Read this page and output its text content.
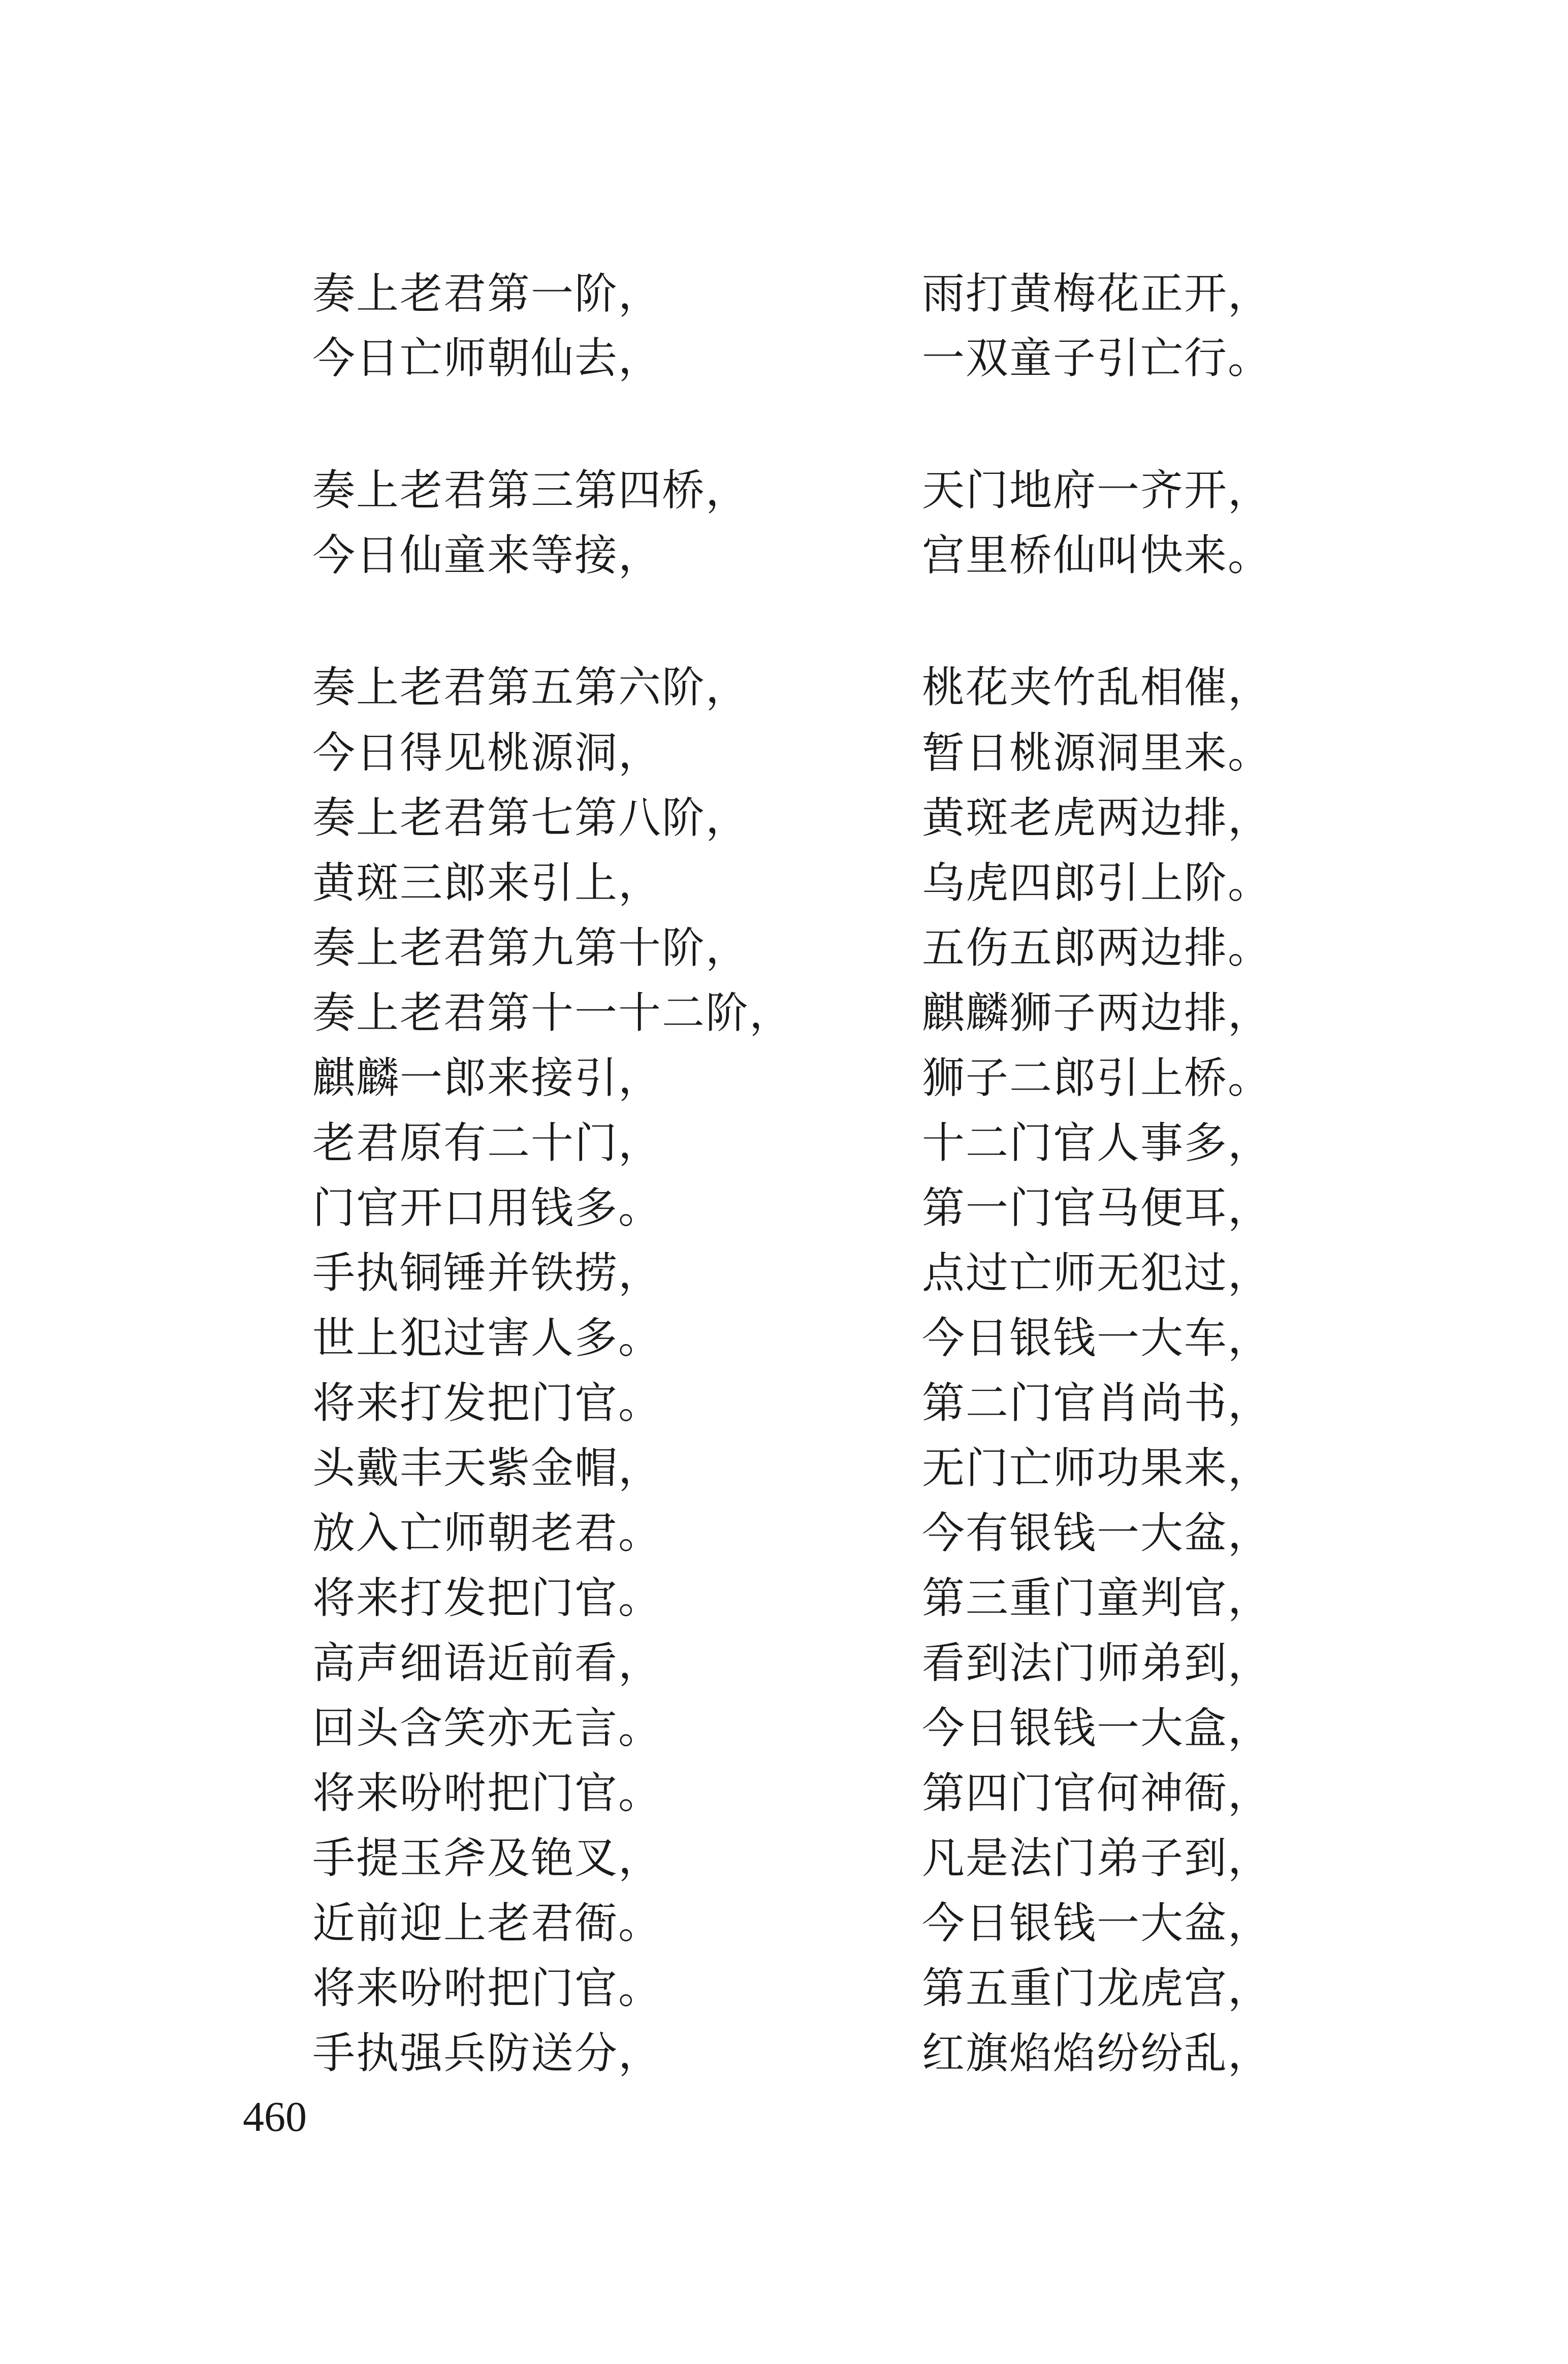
奏上老君第一阶，
今日亡师朝仙去，
奏上老君第三第四桥，
今日仙童来等接，
奏上老君第五第六阶，
今日得见桃源洞，
奏上老君第七第八阶，
黄斑三郎来引上，
奏上老君第九第十阶，
奏上老君第十一十二阶，
麒麟一郎来接引，
老君原有二十门，
门官开口用钱多。
手执铜锤并铁捞，
世上犯过害人多。
将来打发把门官。
头戴丰天紫金帽，
放入亡师朝老君。
将来打发把门官。
高声细语近前看，
回头含笑亦无言。
将来吩咐把门官。
手提玉斧及铯叉，
近前迎上老君衙。
将来吩咐把门官。
手执强兵防送分，
雨打黄梅花正开，
一双童子引亡行。
天门地府一齐开，
宫里桥仙叫快来。
桃花夹竹乱相催，
暂日桃源洞里来。
黄斑老虎两边排，
乌虎四郎引上阶。
五伤五郎两边排。
麒麟狮子两边排，
狮子二郎引上桥。
十二门官人事多，
第一门官马便耳，
点过亡师无犯过，
今日银钱一大车，
第二门官肖尚书，
无门亡师功果来，
今有银钱一大盆，
第三重门童判官，
看到法门师弟到，
今日银钱一大盒，
第四门官何神衙，
凡是法门弟子到，
今日银钱一大盆，
第五重门龙虎宫，
红旗焰焰纷纷乱，
460
